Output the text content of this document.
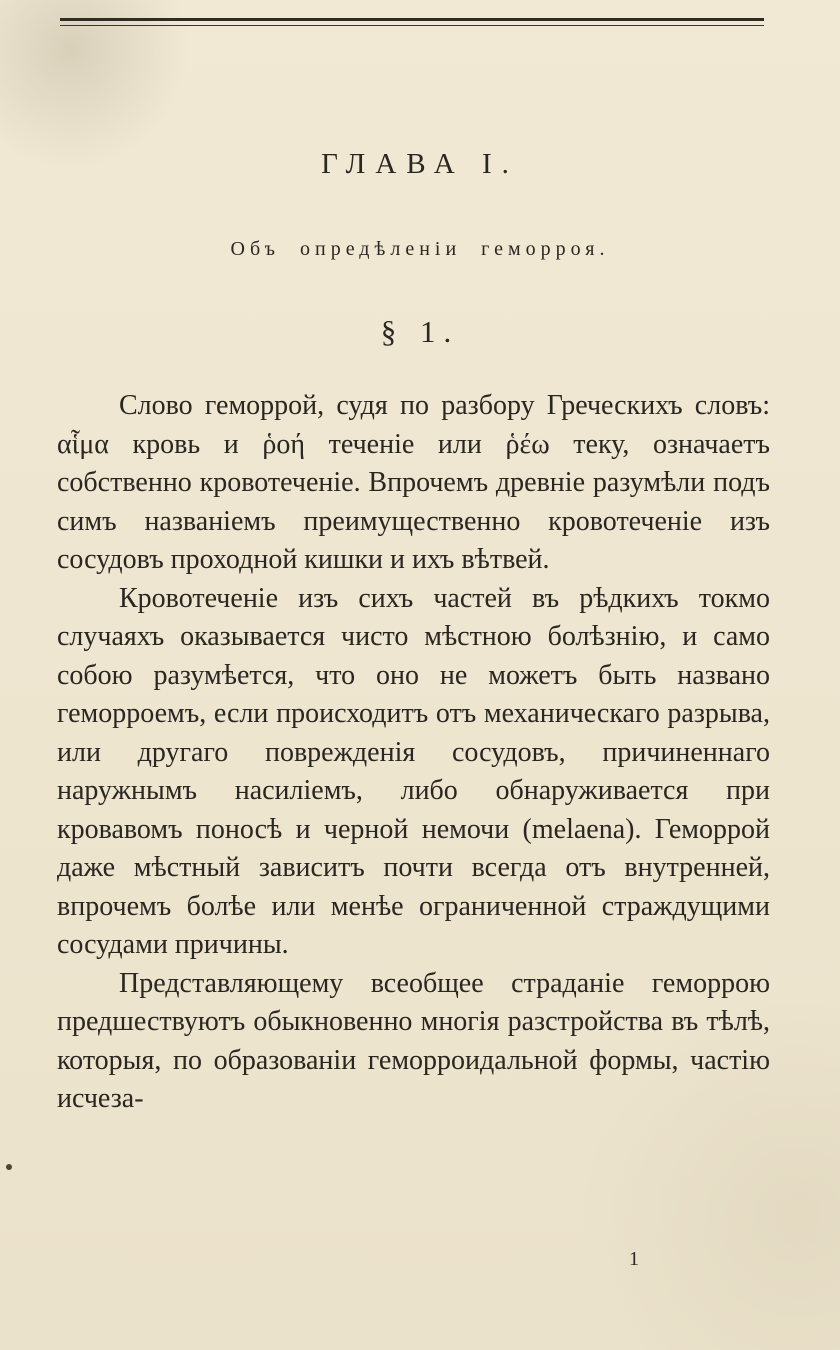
ГЛАВА І.
Объ опредѣленіи геморроя.
§ 1.

Слово геморрой, судя по разбору Греческихъ словъ: αἷμα кровь и ῥοή теченіе или ῥέω теку, означаетъ собственно кровотеченіе. Впрочемъ древніе разумѣли подъ симъ названіемъ преимущественно кровотеченіе изъ сосудовъ проходной кишки и ихъ вѣтвей.

Кровотеченіе изъ сихъ частей въ рѣдкихъ токмо случаяхъ оказывается чисто мѣстною болѣзнію, и само собою разумѣется, что оно не можетъ быть названо геморроемъ, если происходитъ отъ механическаго разрыва, или другаго поврежденія сосудовъ, причиненнаго наружнымъ насиліемъ, либо обнаруживается при кровавомъ поносѣ и черной немочи (melaena). Геморрой даже мѣстный зависитъ почти всегда отъ внутренней, впрочемъ болѣе или менѣе ограниченной страждущими сосудами причины.

Представляющему всеобщее страданіе геморрою предшествуютъ обыкновенно многія разстройства въ тѣлѣ, которыя, по образованіи геморроидальной формы, частію исчеза-

1
